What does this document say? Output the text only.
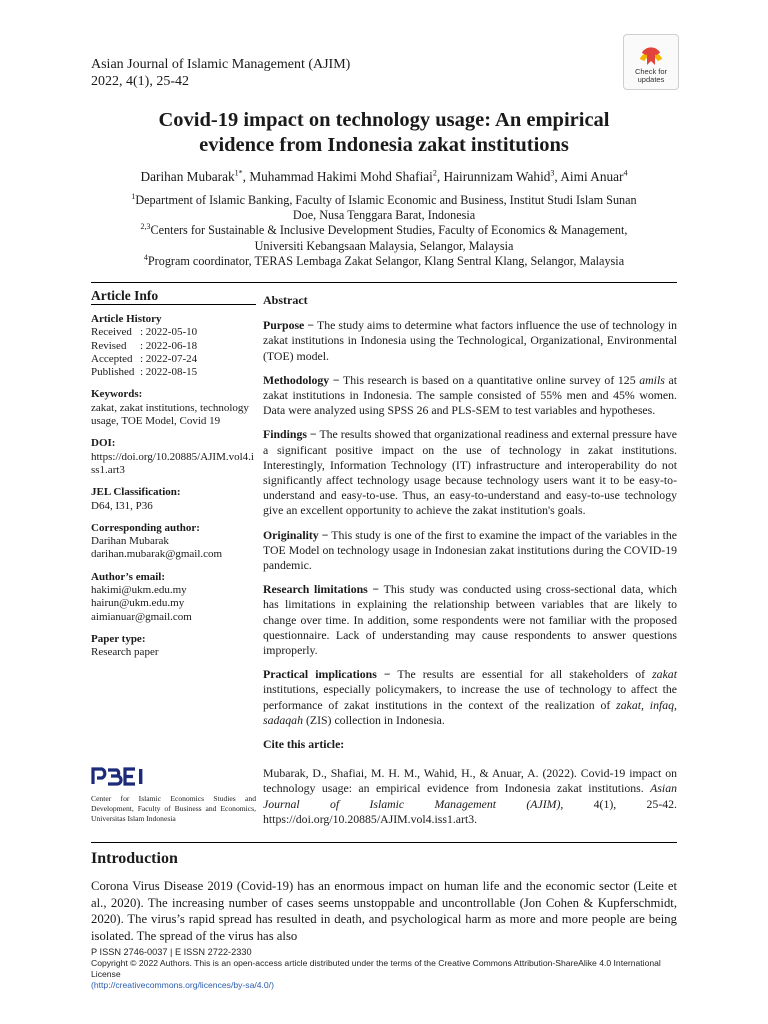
Asian Journal of Islamic Management (AJIM)
2022, 4(1), 25-42
Check for
updates
Covid-19 impact on technology usage: An empirical
evidence from Indonesia zakat institutions
Darihan Mubarak$^{1*}$, Muhammad Hakimi Mohd Shafiai$^2$, Hairunnizam Wahid$^3$, Aimi Anuar$^4$
$^1$Department of Islamic Banking, Faculty of Islamic Economic and Business, Institut Studi Islam Sunan
Doe, Nusa Tenggara Barat, Indonesia
$^{2,3}$Centers for Sustainable & Inclusive Development Studies, Faculty of Economics & Management,
Universiti Kebangsaan Malaysia, Selangor, Malaysia
$^4$Program coordinator, TERAS Lembaga Zakat Selangor, Klang Sentral Klang, Selangor, Malaysia
Article Info
Article History
Received : 2022-05-10
Revised	: 2022-06-18
Accepted : 2022-07-24
Published : 2022-08-15
Keywords:
zakat, zakat institutions, technology usage, TOE Model, Covid 19
DOI:
https://doi.org/10.20885/AJIM.vol4.iss1.art3
JEL Classification:
D64, I31, P36
Corresponding author:
Darihan Mubarak
darihan.mubarak@gmail.com
Author’s email:
hakimi@ukm.edu.my
hairun@ukm.edu.my
aimianuar@gmail.com
Paper type:
Research paper
Center for Islamic Economics Studies and Development, Faculty of Business and Economics, Universitas Islam Indonesia
Abstract

Purpose − The study aims to determine what factors influence the use of technology in zakat institutions in Indonesia using the Technological, Organizational, Environmental (TOE) model.

Methodology − This research is based on a quantitative online survey of 125 amils at zakat institutions in Indonesia. The sample consisted of 55% men and 45% women. Data were analyzed using SPSS 26 and PLS-SEM to test variables and hypotheses.

Findings − The results showed that organizational readiness and external pressure have a significant positive impact on the use of technology in zakat institutions. Interestingly, Information Technology (IT) infrastructure and interoperability do not significantly affect technology usage because technology users want it to be easy-to-understand and easy-to-use. Thus, an easy-to-understand and easy-to-use technology give an excellent opportunity to achieve the zakat institution's goals.

Originality − This study is one of the first to examine the impact of the variables in the TOE Model on technology usage in Indonesian zakat institutions during the COVID-19 pandemic.

Research limitations − This study was conducted using cross-sectional data, which has limitations in explaining the relationship between variables that are likely to change over time. In addition, some respondents were not familiar with the proposed questionnaire. Lack of understanding may cause respondents to answer questions improperly.

Practical implications − The results are essential for all stakeholders of zakat institutions, especially policymakers, to increase the use of technology to affect the performance of zakat institutions in the context of the realization of zakat, infaq, sadaqah (ZIS) collection in Indonesia.

Cite this article:

Mubarak, D., Shafiai, M. H. M., Wahid, H., & Anuar, A. (2022). Covid-19 impact on technology usage: an empirical evidence from Indonesia zakat institutions. Asian Journal of Islamic Management (AJIM),	4(1), 25-42. https://doi.org/10.20885/AJIM.vol4.iss1.art3.

Introduction
Corona Virus Disease 2019 (Covid-19) has an enormous impact on human life and the economic sector (Leite et al., 2020). The increasing number of cases seems unstoppable and uncontrollable (Jon Cohen & Kupferschmidt, 2020). The virus’s rapid spread has resulted in death, and psychological harm as more and more people are being isolated. The spread of the virus has also
P ISSN 2746-0037 | E ISSN 2722-2330
Copyright © 2022 Authors. This is an open-access article distributed under the terms of the Creative Commons Attribution-ShareAlike 4.0 International License
(http://creativecommons.org/licences/by-sa/4.0/)
